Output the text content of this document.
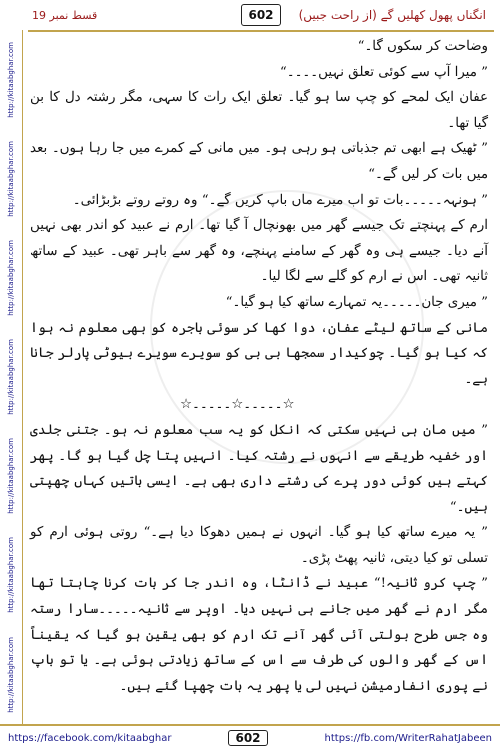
قسط نمبر 19	602	انگناں پھول کھلیں گے (از راحت جبیں)
http://kitaabghar.com
http://kitaabghar.com
http://kitaabghar.com
http://kitaabghar.com
http://kitaabghar.com
http://kitaabghar.com
http://kitaabghar.com

وضاحت کر سکوں گا۔“

” میرا آپ سے کوئی تعلق نہیں۔۔۔۔“

عفان ایک لمحے کو چپ سا ہو گیا۔ تعلق ایک رات کا سہی، مگر رشتہ دل کا بن گیا تھا۔

” ٹھیک ہے ابھی تم جذباتی ہو رہی ہو۔ میں مانی کے کمرے میں جا رہا ہوں۔ بعد میں بات کر لیں گے۔“

” ہونہہ۔۔۔۔۔بات تو اب میرے ماں باپ کریں گے۔“ وہ روتے روتے بڑبڑائی۔

ارم کے پہنچتے تک جیسے گھر میں بھونچال آ گیا تھا۔ ارم نے عبید کو اندر بھی نہیں آنے دیا۔ جیسے ہی وہ گھر کے سامنے پہنچے، وہ گھر سے باہر تھی۔ عبید کے ساتھ ثانیہ تھی۔ اس نے ارم کو گلے سے لگا لیا۔

” میری جان۔۔۔۔۔یہ تمہارے ساتھ کیا ہو گیا۔“

مانی کے ساتھ لیٹے عفان، دوا کھا کر سوئی باجرہ کو بھی معلوم نہ ہوا کہ کیا ہو گیا۔ چوکیدار سمجھا بی بی کو سویرے سویرے بیوٹی پارلر جانا ہے۔

☆۔۔۔۔۔☆۔۔۔۔۔☆

” میں مان ہی نہیں سکتی کہ انکل کو یہ سب معلوم نہ ہو۔ جتنی جلدی اور خفیہ طریقے سے انہوں نے رشتہ کیا۔ انہیں پتا چل گیا ہو گا۔ پھر کہتے ہیں کوئی دور پرے کی رشتے داری بھی ہے۔ ایسی باتیں کہاں چھپتی ہیں۔“

” یہ میرے ساتھ کیا ہو گیا۔ انہوں نے ہمیں دھوکا دیا ہے۔“ روتی ہوئی ارم کو تسلی تو کیا دیتی، ثانیہ پھٹ پڑی۔

” چپ کرو ثانیہ!“ عبید نے ڈانٹا، وہ اندر جا کر بات کرنا چاہتا تھا مگر ارم نے گھر میں جانے ہی نہیں دیا۔ اوپر سے ثانیہ۔۔۔۔۔سارا رستہ وہ جس طرح بولتی آئی گھر آنے تک ارم کو بھی یقین ہو گیا کہ یقیناً اس کے گھر والوں کی طرف سے اس کے ساتھ زیادتی ہوئی ہے۔ یا تو باپ نے پوری انفارمیشن نہیں لی یا پھر یہ بات چھپا گئے ہیں۔

https://facebook.com/kitaabghar	602	https://fb.com/WriterRahatJabeen
